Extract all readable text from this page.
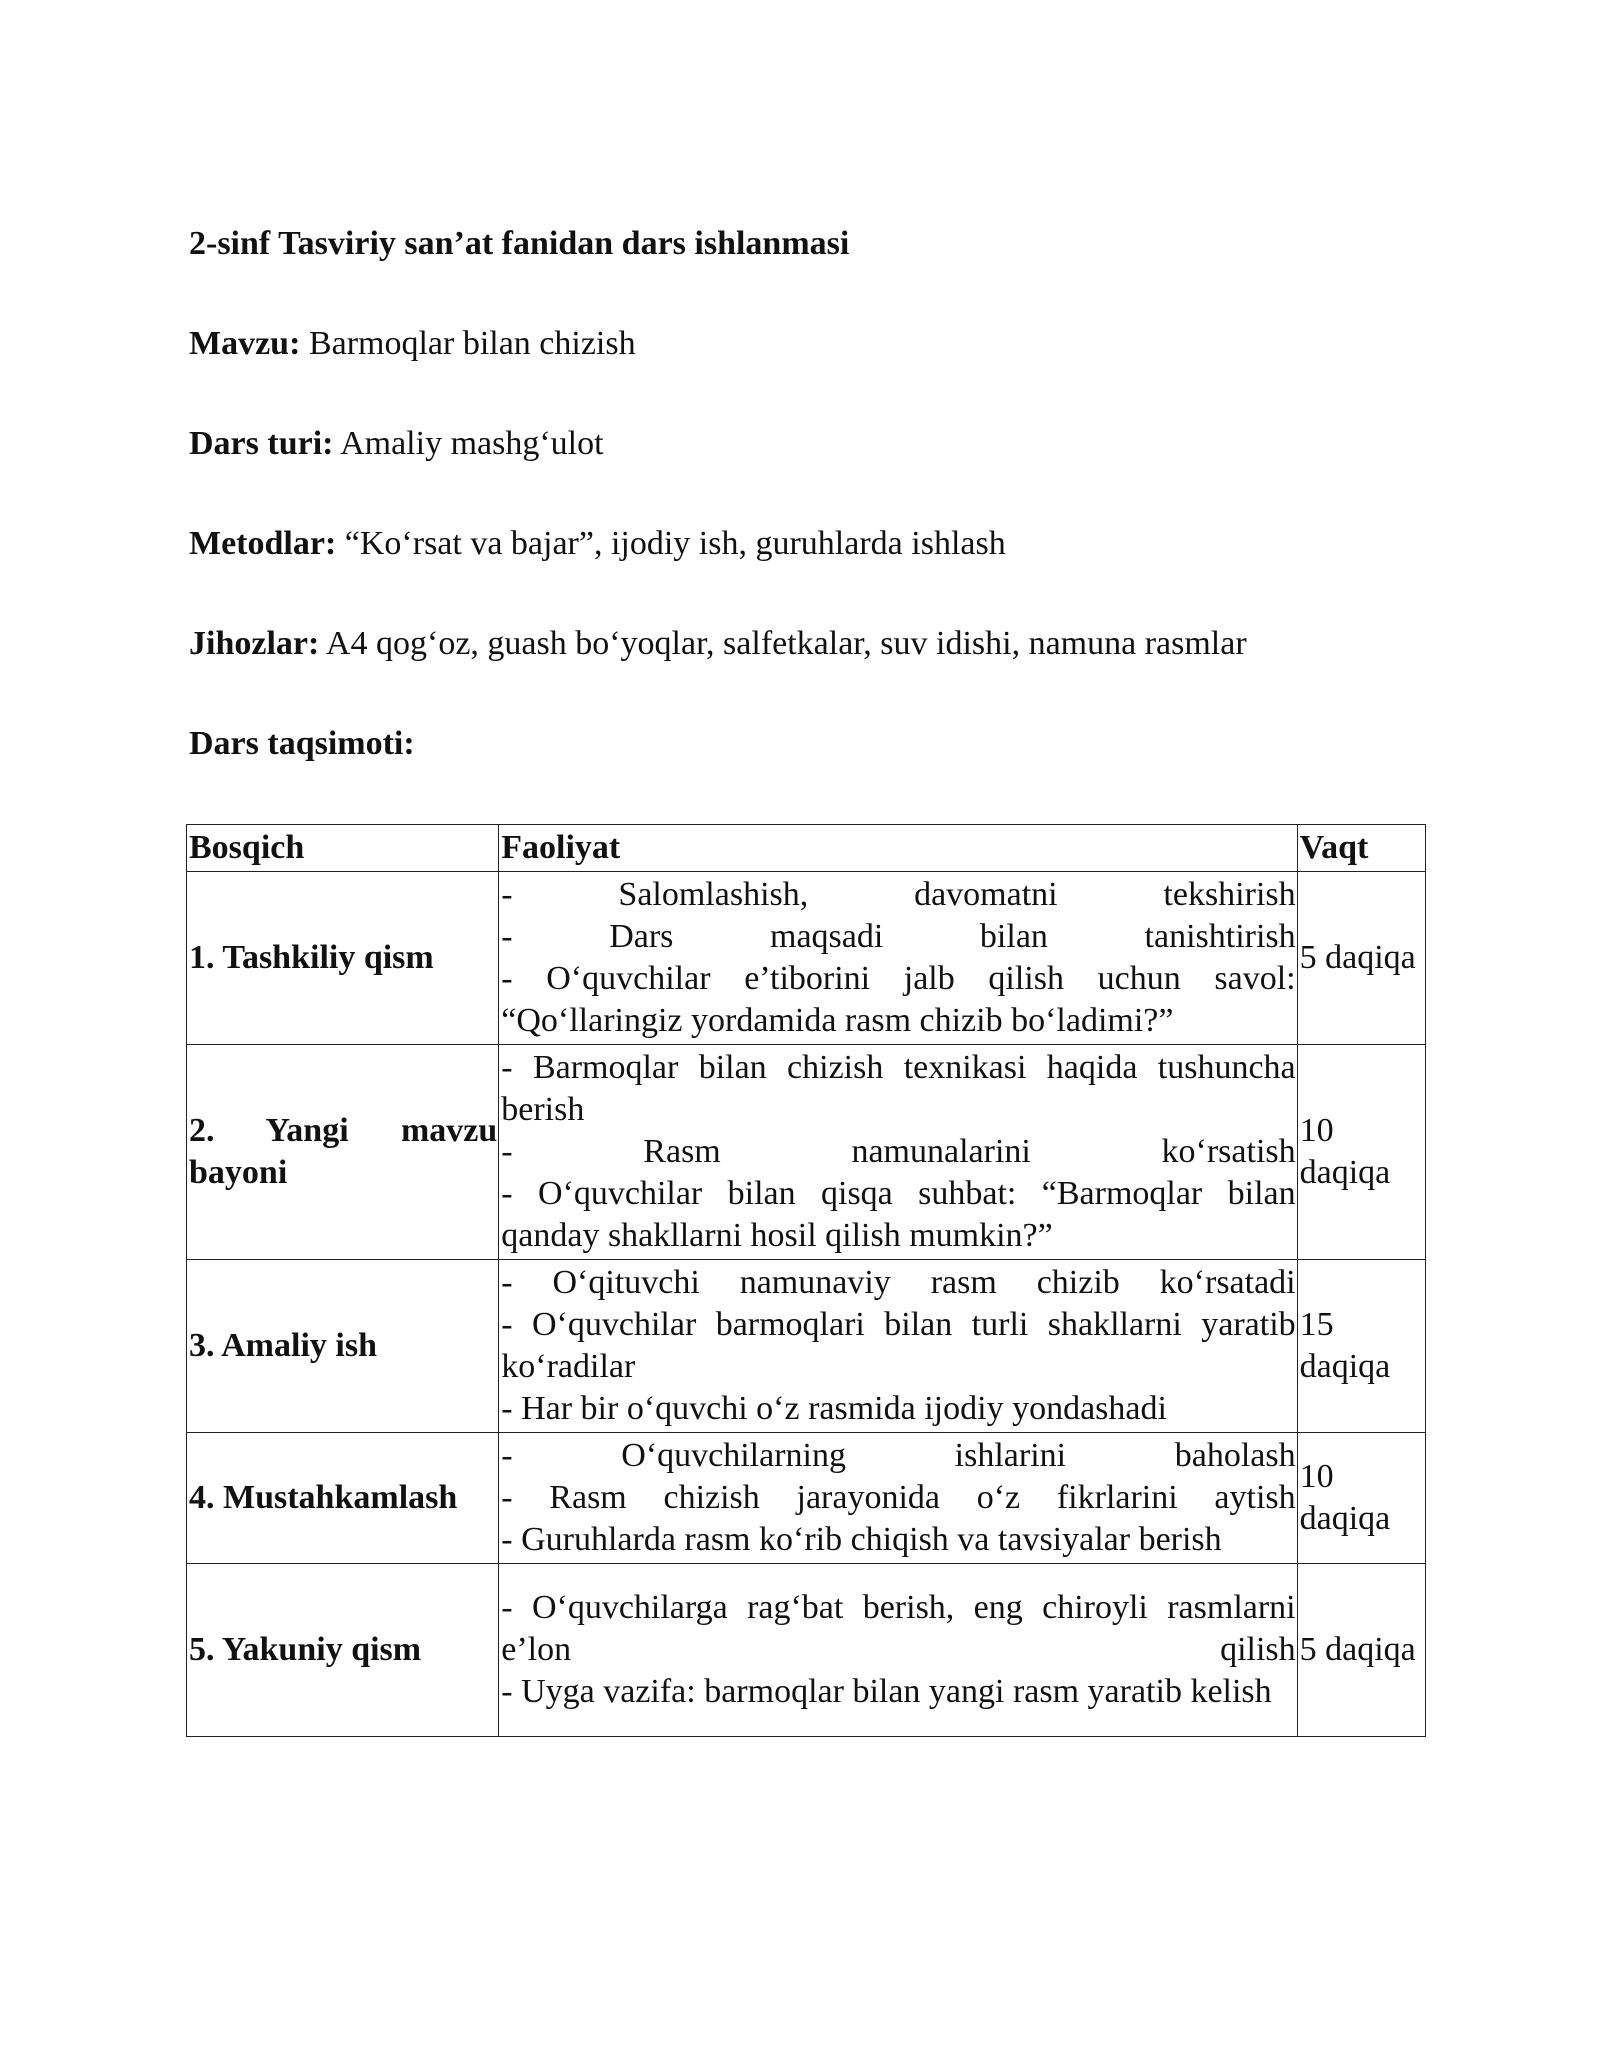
2-sinf Tasviriy san’at fanidan dars ishlanmasi

Mavzu: Barmoqlar bilan chizish

Dars turi: Amaliy mashg‘ulot

Metodlar: “Ko‘rsat va bajar”, ijodiy ish, guruhlarda ishlash

Jihozlar: A4 qog‘oz, guash bo‘yoqlar, salfetkalar, suv idishi, namuna rasmlar

Dars taqsimoti:
Bosqich	Faoliyat	Vaqt
1. Tashkiliy qism	- Salomlashish, davomatni tekshirish
- Dars maqsadi bilan tanishtirish
- O‘quvchilar e’tiborini jalb qilish uchun savol: “Qo‘llaringiz yordamida rasm chizib bo‘ladimi?”	5 daqiqa
2. Yangi mavzu bayoni	- Barmoqlar bilan chizish texnikasi haqida tushuncha berish
- Rasm namunalarini ko‘rsatish
- O‘quvchilar bilan qisqa suhbat: “Barmoqlar bilan qanday shakllarni hosil qilish mumkin?”	10 daqiqa
3. Amaliy ish	- O‘qituvchi namunaviy rasm chizib ko‘rsatadi
- O‘quvchilar barmoqlari bilan turli shakllarni yaratib ko‘radilar
- Har bir o‘quvchi o‘z rasmida ijodiy yondashadi	15 daqiqa
4. Mustahkamlash	- O‘quvchilarning ishlarini baholash
- Rasm chizish jarayonida o‘z fikrlarini aytish
- Guruhlarda rasm ko‘rib chiqish va tavsiyalar berish	10 daqiqa
5. Yakuniy qism	- O‘quvchilarga rag‘bat berish, eng chiroyli rasmlarni e’lon qilish
- Uyga vazifa: barmoqlar bilan yangi rasm yaratib kelish	5 daqiqa
